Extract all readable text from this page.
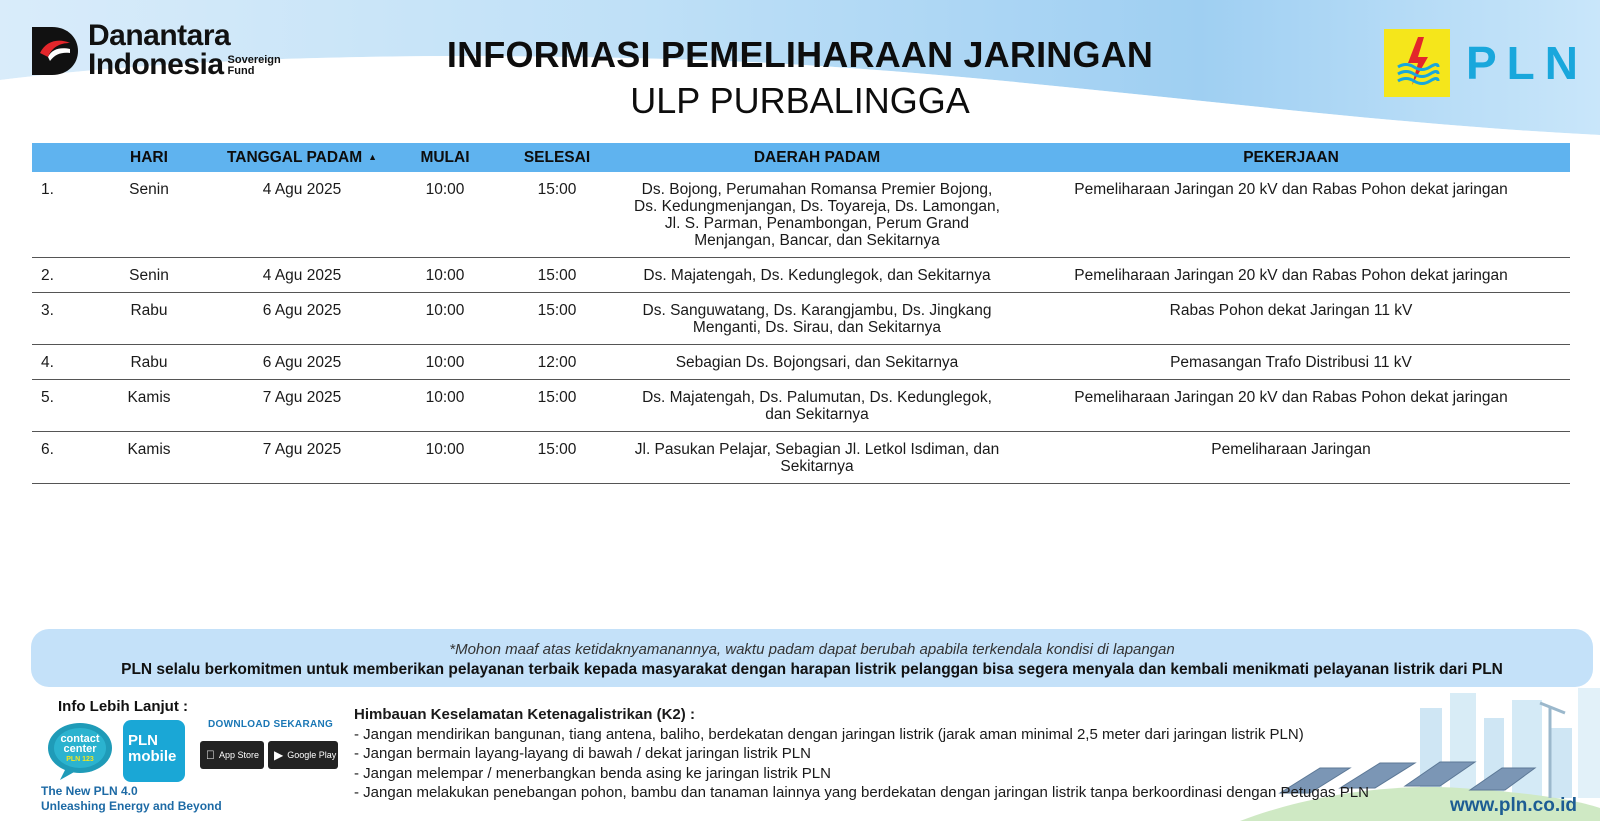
Danantara
Indonesia Sovereign
Fund	INFORMASI PEMELIHARAAN JARINGAN
ULP PURBALINGGA
PLN
	HARI	TANGGAL PADAM ▲	MULAI	SELESAI	DAERAH PADAM	PEKERJAAN
1.	Senin	4 Agu 2025	10:00	15:00	Ds. Bojong, Perumahan Romansa Premier Bojong, Ds. Kedungmenjangan, Ds. Toyareja, Ds. Lamongan, Jl. S. Parman, Penambongan, Perum Grand Menjangan, Bancar, dan Sekitarnya	Pemeliharaan Jaringan 20 kV dan Rabas Pohon dekat jaringan
2.	Senin	4 Agu 2025	10:00	15:00	Ds. Majatengah, Ds. Kedunglegok, dan Sekitarnya	Pemeliharaan Jaringan 20 kV dan Rabas Pohon dekat jaringan
3.	Rabu	6 Agu 2025	10:00	15:00	Ds. Sanguwatang, Ds. Karangjambu, Ds. Jingkang Menganti, Ds. Sirau, dan Sekitarnya	Rabas Pohon dekat Jaringan 11 kV
4.	Rabu	6 Agu 2025	10:00	12:00	Sebagian Ds. Bojongsari, dan Sekitarnya	Pemasangan Trafo Distribusi 11 kV
5.	Kamis	7 Agu 2025	10:00	15:00	Ds. Majatengah, Ds. Palumutan, Ds. Kedunglegok, dan Sekitarnya	Pemeliharaan Jaringan 20 kV dan Rabas Pohon dekat jaringan
6.	Kamis	7 Agu 2025	10:00	15:00	Jl. Pasukan Pelajar, Sebagian Jl. Letkol Isdiman, dan Sekitarnya	Pemeliharaan Jaringan
*Mohon maaf atas ketidaknyamanannya, waktu padam dapat berubah apabila terkendala kondisi di lapangan
PLN selalu berkomitmen untuk memberikan pelayanan terbaik kepada masyarakat dengan harapan listrik pelanggan bisa segera menyala dan kembali menikmati pelayanan listrik dari PLN
Info Lebih Lanjut :
contact
center
PLN 123
PLN
mobile
DOWNLOAD SEKARANG
App Store ▶ Google Play
The New PLN 4.0
Unleashing Energy and Beyond
Himbauan Keselamatan Ketenagalistrikan (K2) :
- Jangan mendirikan bangunan, tiang antena, baliho, berdekatan dengan jaringan listrik (jarak aman minimal 2,5 meter dari jaringan listrik PLN)
- Jangan bermain layang-layang di bawah / dekat jaringan listrik PLN
- Jangan melempar / menerbangkan benda asing ke jaringan listrik PLN
- Jangan melakukan penebangan pohon, bambu dan tanaman lainnya yang berdekatan dengan jaringan listrik tanpa berkoordinasi dengan Petugas PLN
www.pln.co.id
